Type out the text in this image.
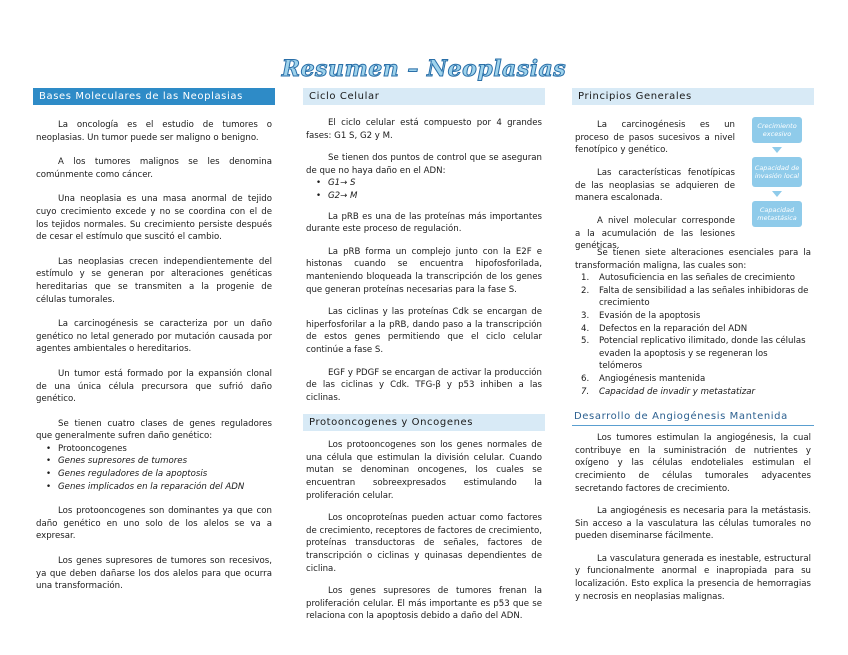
Resumen – Neoplasias
Bases Moleculares de las Neoplasias

La oncología es el estudio de tumores o neoplasias. Un tumor puede ser maligno o benigno.

A los tumores malignos se les denomina comúnmente como cáncer.

Una neoplasia es una masa anormal de tejido cuyo crecimiento excede y no se coordina con el de los tejidos normales. Su crecimiento persiste después de cesar el estímulo que suscitó el cambio.

Las neoplasias crecen independientemente del estímulo y se generan por alteraciones genéticas hereditarias que se transmiten a la progenie de células tumorales.

La carcinogénesis se caracteriza por un daño genético no letal generado por mutación causada por agentes ambientales o hereditarios.

Un tumor está formado por la expansión clonal de una única célula precursora que sufrió daño genético.

Se tienen cuatro clases de genes reguladores que generalmente sufren daño genético:

• Protooncogenes
• Genes supresores de tumores
• Genes reguladores de la apoptosis
• Genes implicados en la reparación del ADN

Los protooncogenes son dominantes ya que con daño genético en uno solo de los alelos se va a expresar.

Los genes supresores de tumores son recesivos, ya que deben dañarse los dos alelos para que ocurra una transformación.

Ciclo Celular

El ciclo celular está compuesto por 4 grandes fases: G1 S, G2 y M.

Se tienen dos puntos de control que se aseguran de que no haya daño en el ADN:

• G1→ S
• G2→ M

La pRB es una de las proteínas más importantes durante este proceso de regulación.

La pRB forma un complejo junto con la E2F e histonas cuando se encuentra hipofosforilada, manteniendo bloqueada la transcripción de los genes que generan proteínas necesarias para la fase S.

Las ciclinas y las proteínas Cdk se encargan de hiperfosforilar a la pRB, dando paso a la transcripción de estos genes permitiendo que el ciclo celular continúe a fase S.

EGF y PDGF se encargan de activar la producción de las ciclinas y Cdk. TFG-β y p53 inhiben a las ciclinas.

Protooncogenes y Oncogenes

Los protooncogenes son los genes normales de una célula que estimulan la división celular. Cuando mutan se denominan oncogenes, los cuales se encuentran sobreexpresados estimulando la proliferación celular.

Los oncoproteínas pueden actuar como factores de crecimiento, receptores de factores de crecimiento, proteínas transductoras de señales, factores de transcripción o ciclinas y quinasas dependientes de ciclina.

Los genes supresores de tumores frenan la proliferación celular. El más importante es p53 que se relaciona con la apoptosis debido a daño del ADN.

Principios Generales

La carcinogénesis es un proceso de pasos sucesivos a nivel fenotípico y genético.

Las características fenotípicas de las neoplasias se adquieren de manera escalonada.

A nivel molecular corresponde a la acumulación de las lesiones genéticas.

Crecimiento excesivo
Capacidad de invasión local
Capacidad metastásica

Se tienen siete alteraciones esenciales para la transformación maligna, las cuales son:

1. Autosuficiencia en las señales de crecimiento
2. Falta de sensibilidad a las señales inhibidoras de crecimiento
3. Evasión de la apoptosis
4. Defectos en la reparación del ADN
5. Potencial replicativo ilimitado, donde las células evaden la apoptosis y se regeneran los telómeros
6. Angiogénesis mantenida
7. Capacidad de invadir y metastatizar
Desarrollo de Angiogénesis Mantenida

Los tumores estimulan la angiogénesis, la cual contribuye en la suministración de nutrientes y oxígeno y las células endoteliales estimulan el crecimiento de células tumorales adyacentes secretando factores de crecimiento.

La angiogénesis es necesaria para la metástasis. Sin acceso a la vasculatura las células tumorales no pueden diseminarse fácilmente.

La vasculatura generada es inestable, estructural y funcionalmente anormal e inapropiada para su localización. Esto explica la presencia de hemorragias y necrosis en neoplasias malignas.
